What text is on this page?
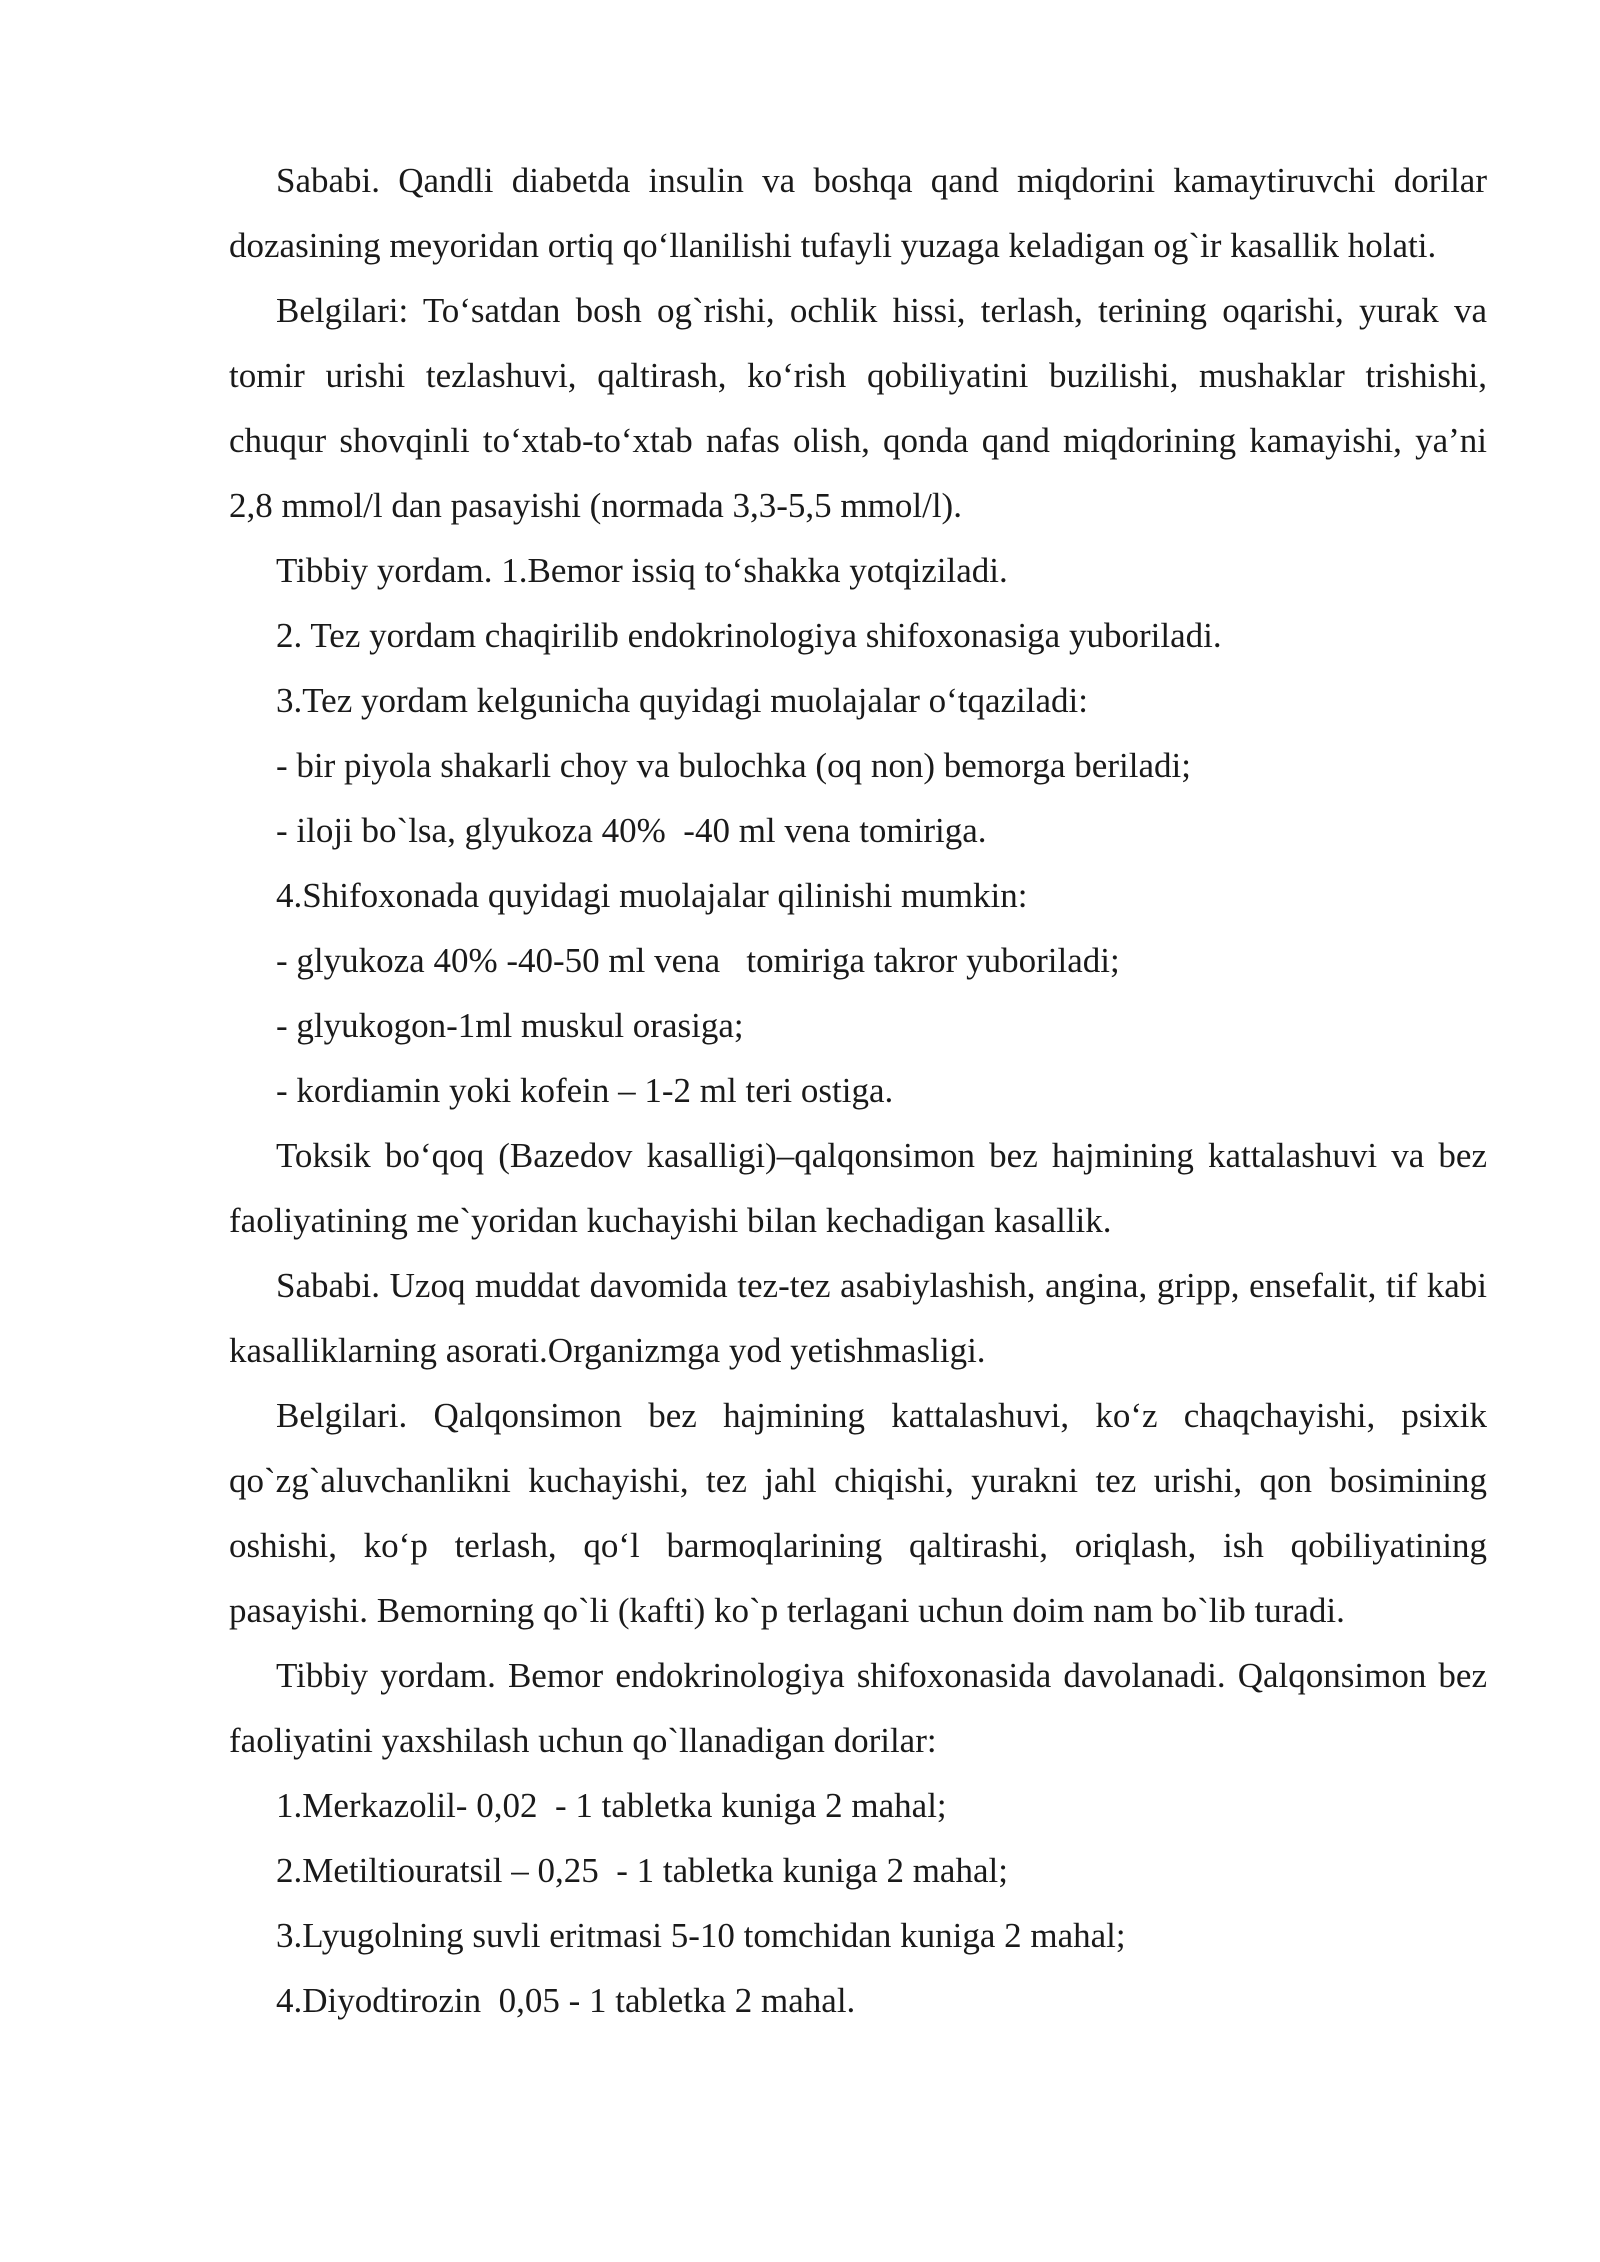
Sababi. Qandli diabetda insulin va boshqa qand miqdorini kamaytiruvchi dorilar dozasining meyoridan ortiq qo‘llanilishi tufayli yuzaga keladigan og`ir kasallik holati.

Belgilari: To‘satdan bosh og`rishi, ochlik hissi, terlash, terining oqarishi, yurak va tomir urishi tezlashuvi, qaltirash, ko‘rish qobiliyatini buzilishi, mushaklar trishishi, chuqur shovqinli to‘xtab-to‘xtab nafas olish, qonda qand miqdorining kamayishi, ya’ni 2,8 mmol/l dan pasayishi (normada 3,3-5,5 mmol/l).

Tibbiy yordam. 1.Bemor issiq to‘shakka yotqiziladi.

2. Tez yordam chaqirilib endokrinologiya shifoxonasiga yuboriladi.

3.Tez yordam kelgunicha quyidagi muolajalar o‘tqaziladi:

- bir piyola shakarli choy va bulochka (oq non) bemorga beriladi;

- iloji bo`lsa, glyukoza 40%  -40 ml vena tomiriga.

4.Shifoxonada quyidagi muolajalar qilinishi mumkin:

- glyukoza 40% -40-50 ml vena   tomiriga takror yuboriladi;

- glyukogon-1ml muskul orasiga;

- kordiamin yoki kofein – 1-2 ml teri ostiga.

Toksik bo‘qoq (Bazedov kasalligi)–qalqonsimon bez hajmining kattalashuvi va bez faoliyatining me`yoridan kuchayishi bilan kechadigan kasallik.

Sababi. Uzoq muddat davomida tez-tez asabiylashish, angina, gripp, ensefalit, tif kabi kasalliklarning asorati.Organizmga yod yetishmasligi.

Belgilari. Qalqonsimon bez hajmining kattalashuvi, ko‘z chaqchayishi, psixik qo`zg`aluvchanlikni kuchayishi, tez jahl chiqishi, yurakni tez urishi, qon bosimining oshishi, ko‘p terlash, qo‘l barmoqlarining qaltirashi, oriqlash, ish qobiliyatining pasayishi. Bemorning qo`li (kafti) ko`p terlagani uchun doim nam bo`lib turadi.

Tibbiy yordam. Bemor endokrinologiya shifoxonasida davolanadi. Qalqonsimon bez faoliyatini yaxshilash uchun qo`llanadigan dorilar:

1.Merkazolil- 0,02  - 1 tabletka kuniga 2 mahal;

2.Metiltiouratsil – 0,25  - 1 tabletka kuniga 2 mahal;

3.Lyugolning suvli eritmasi 5-10 tomchidan kuniga 2 mahal;

4.Diyodtirozin  0,05 - 1 tabletka 2 mahal.
